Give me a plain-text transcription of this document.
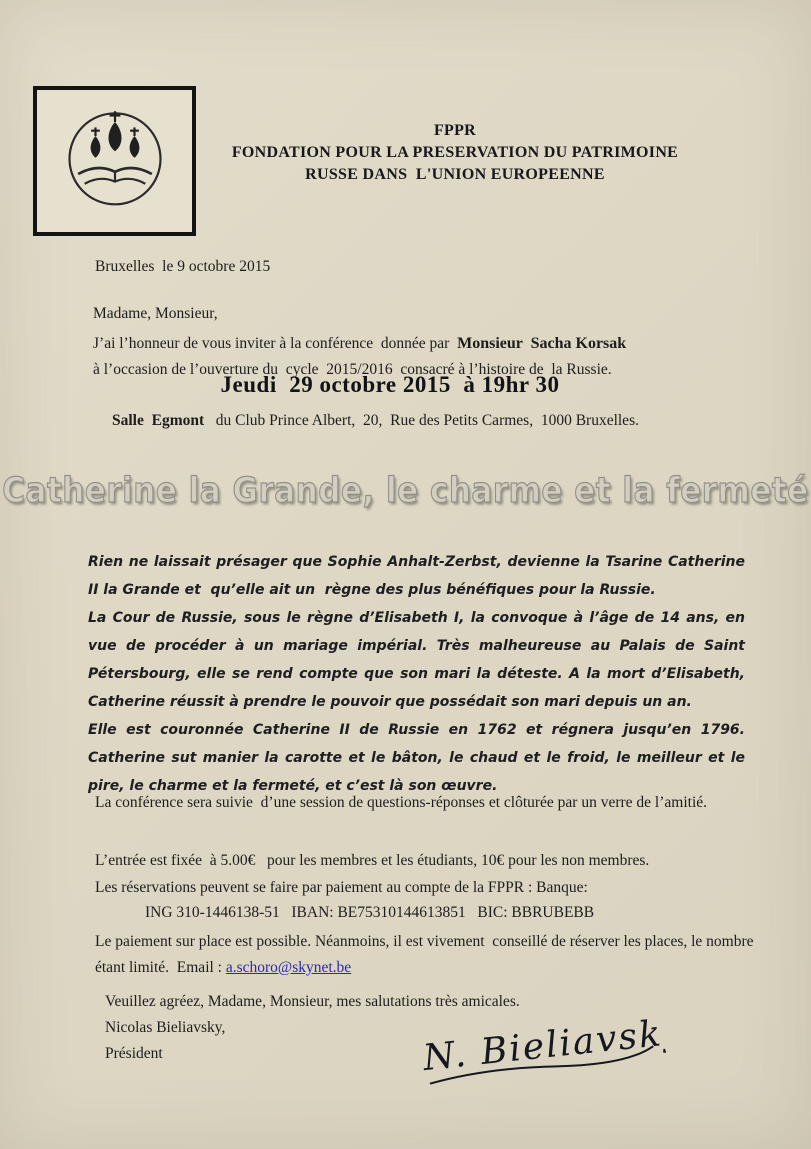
FPPR
FONDATION POUR LA PRESERVATION DU PATRIMOINE
RUSSE DANS  L'UNION EUROPEENNE
Bruxelles  le 9 octobre 2015
Madame, Monsieur,
J’ai l’honneur de vous inviter à la conférence  donnée par  Monsieur  Sacha Korsak
à l’occasion de l’ouverture du  cycle  2015/2016  consacré à l’histoire de  la Russie.
Jeudi  29 octobre 2015  à 19hr 30
Salle  Egmont   du Club Prince Albert,  20,  Rue des Petits Carmes,  1000 Bruxelles.
Catherine la Grande, le charme et la fermeté

Rien ne laissait présager que Sophie Anhalt-Zerbst, devienne la Tsarine Catherine II la Grande et  qu’elle ait un  règne des plus bénéfiques pour la Russie.

La Cour de Russie, sous le règne d’Elisabeth I, la convoque à l’âge de 14 ans, en vue de procéder à un mariage impérial. Très malheureuse au Palais de Saint Pétersbourg, elle se rend compte que son mari la déteste. A la mort d’Elisabeth, Catherine réussit à prendre le pouvoir que possédait son mari depuis un an.

Elle est couronnée Catherine II de Russie en 1762 et régnera jusqu’en 1796. Catherine sut manier la carotte et le bâton, le chaud et le froid, le meilleur et le pire, le charme et la fermeté, et c’est là son œuvre.

La conférence sera suivie  d’une session de questions-réponses et clôturée par un verre de l’amitié.
L’entrée est fixée  à 5.00€   pour les membres et les étudiants, 10€ pour les non membres.
Les réservations peuvent se faire par paiement au compte de la FPPR : Banque:
ING 310-1446138-51   IBAN: BE75310144613851   BIC: BBRUBEBB
Le paiement sur place est possible. Néanmoins, il est vivement  conseillé de réserver les places, le nombre étant limité.  Email : a.schoro@skynet.be
Veuillez agréez, Madame, Monsieur, mes salutations très amicales.
Nicolas Bieliavsky,
Président	N. Bieliavsky
